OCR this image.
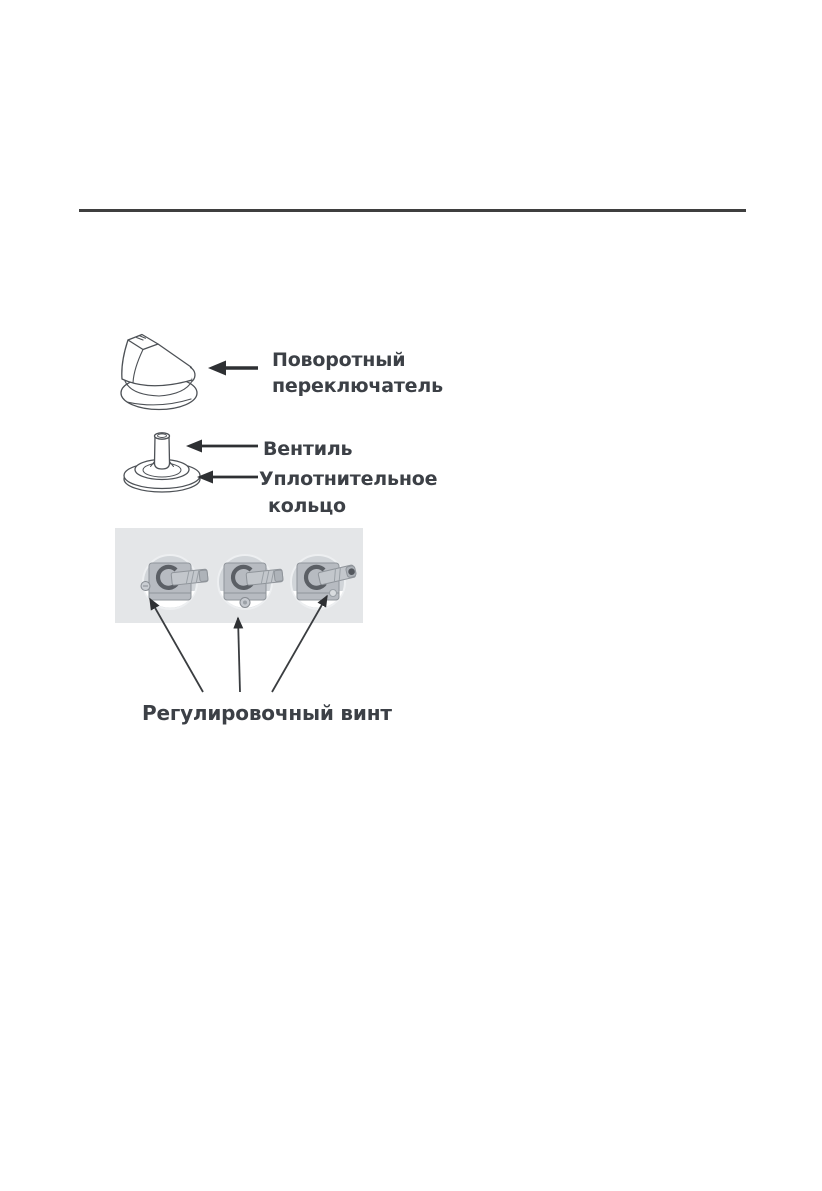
Поворотный
переключатель
Вентиль
Уплотнительное
кольцо
Регулировочный винт
